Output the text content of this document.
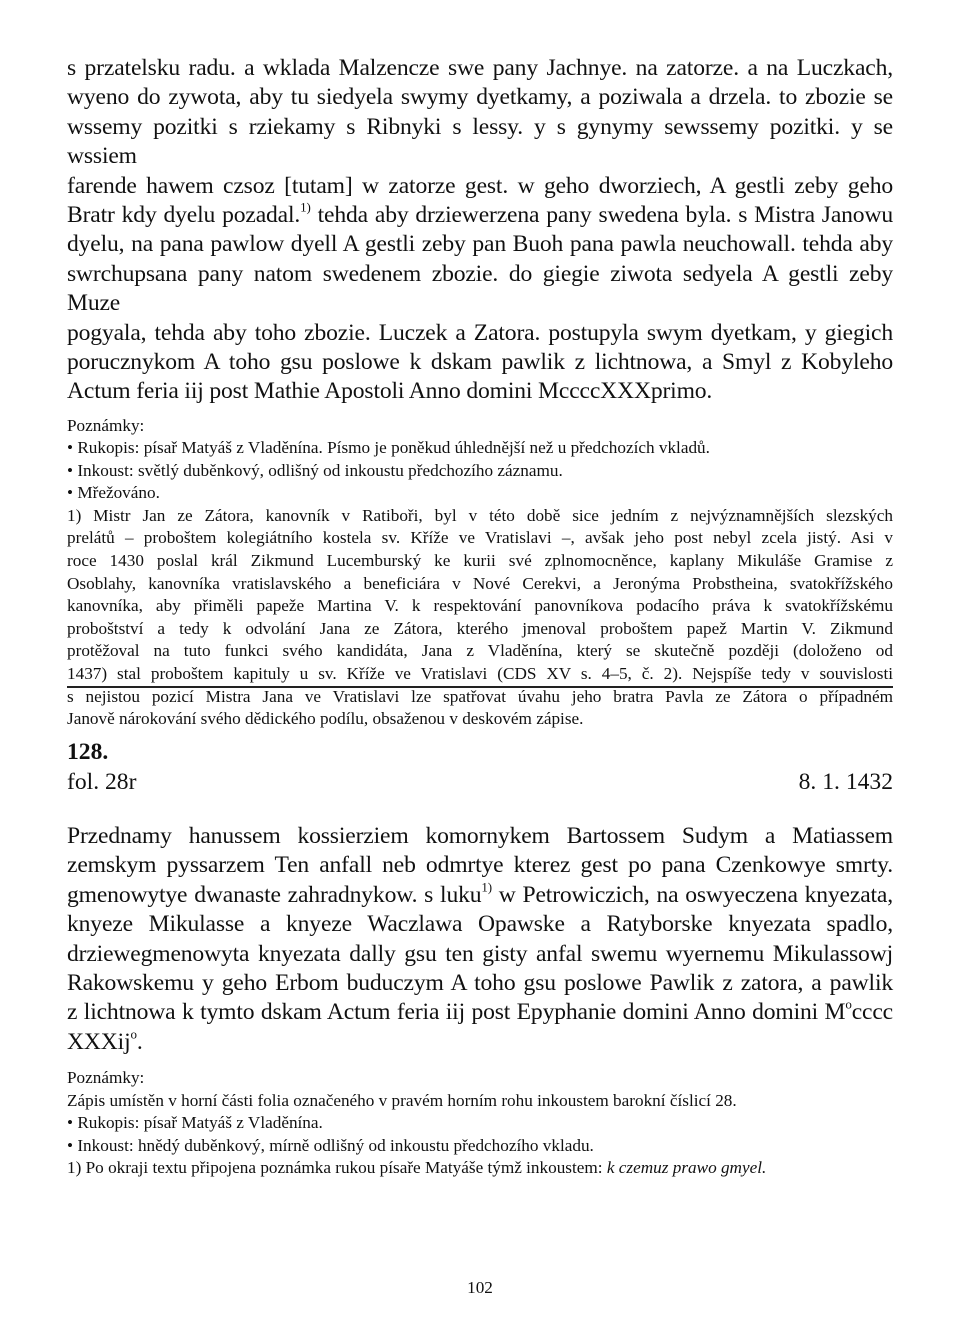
s przatelsku radu. a wklada Malzencze swe pany Jachnye. na zatorze. a na Luczkach,
wyeno do zywota, aby tu siedyela swymy dyetkamy, a poziwala a drzela. to zbozie se
wssemy pozitki s rziekamy s Ribnyki s lessy. y s gynymy sewssemy pozitki. y se wssiem
farende hawem czsoz [tutam] w zatorze gest. w geho dworziech, A gestli zeby geho
Bratr kdy dyelu pozadal.$^{1)}$ tehda aby drziewerzena pany swedena byla. s Mistra Janowu
dyelu, na pana pawlow dyell A gestli zeby pan Buoh pana pawla neuchowall. tehda aby
swrchupsana pany natom swedenem zbozie. do giegie ziwota sedyela A gestli zeby Muze
pogyala, tehda aby toho zbozie. Luczek a Zatora. postupyla swym dyetkam, y giegich
porucznykom A toho gsu poslowe k dskam pawlik z lichtnowa, a Smyl z Kobyleho
Actum feria iij post Mathie Apostoli Anno domini McccсXXXprimo.

Poznámky:
• Rukopis: písař Matyáš z Vladěnína. Písmo je poněkud úhlednější než u předchozích vkladů.
• Inkoust: světlý duběnkový, odlišný od inkoustu předchozího záznamu.
• Mřežováno.
1) Mistr Jan ze Zátora, kanovník v Ratiboři, byl v této době sice jedním z nejvýznamnějších slezských
prelátů – proboštem kolegiátního kostela sv. Kříže ve Vratislavi –, avšak jeho post nebyl zcela jistý. Asi v
roce 1430 poslal král Zikmund Lucemburský ke kurii své zplnomocněnce, kaplany Mikuláše Gramise z
Osoblahy, kanovníka vratislavského a beneficiára v Nové Cerekvi, a Jeronýma Probstheina, svatokřížského
kanovníka, aby přiměli papeže Martina V. k respektování panovníkova podacího práva k svatokřížskému
proboštství a tedy k odvolání Jana ze Zátora, kterého jmenoval proboštem papež Martin V. Zikmund
protěžoval na tuto funkci svého kandidáta, Jana z Vladěnína, který se skutečně později (doloženo od
1437) stal proboštem kapituly u sv. Kříže ve Vratislavi (CDS XV s. 4–5, č. 2). Nejspíše tedy v souvislosti
s nejistou pozicí Mistra Jana ve Vratislavi lze spatřovat úvahu jeho bratra Pavla ze Zátora o případném
Janově nárokování svého dědického podílu, obsaženou v deskovém zápise.
128.
fol. 28r	8. 1. 1432

Przednamy hanussem kossierziem komornykem Bartossem Sudym a Matiassem
zemskym pyssarzem Ten anfall neb odmrtye kterez gest po pana Czenkowye smrty.
gmenowytye dwanaste zahradnykow. s luku$^{1)}$ w Petrowiczich, na oswyeczena knyezata,
knyeze Mikulasse a knyeze Waczlawa Opawske a Ratyborske knyezata spadlo,
drziewegmenowyta knyezata dally gsu ten gisty anfal swemu wyernemu Mikulassowj
Rakowskemu y geho Erbom buduczym A toho gsu poslowe Pawlik z zatora, a pawlik
z lichtnowa k tymto dskam Actum feria iij post Epyphanie domini Anno domini $M^occcc$
XXXij$^o$.

Poznámky:
Zápis umístěn v horní části folia označeného v pravém horním rohu inkoustem barokní číslicí 28.
• Rukopis: písař Matyáš z Vladěnína.
• Inkoust: hnědý duběnkový, mírně odlišný od inkoustu předchozího vkladu.
1) Po okraji textu připojena poznámka rukou písaře Matyáše týmž inkoustem: k czemuz prawo gmyel.
102
